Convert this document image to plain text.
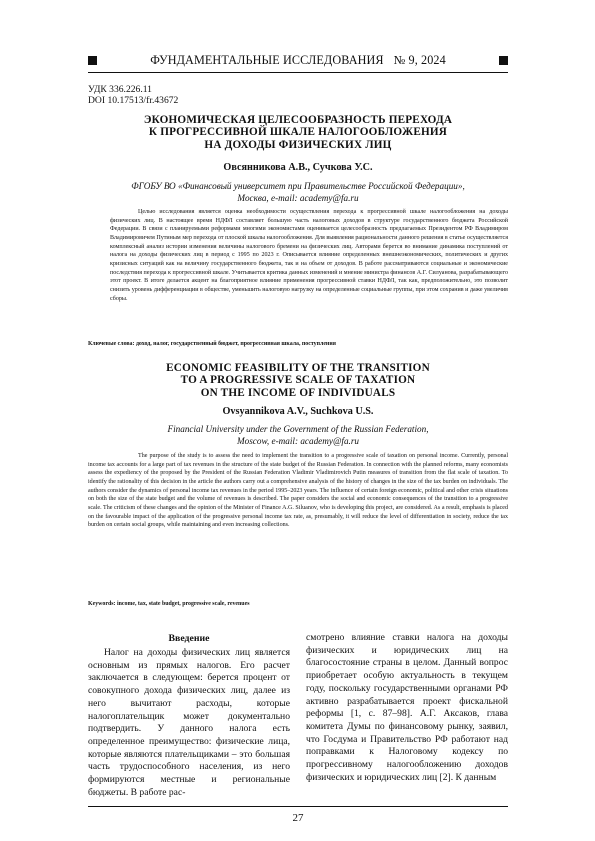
ФУНДАМЕНТАЛЬНЫЕ ИССЛЕДОВАНИЯ № 9, 2024
УДК 336.226.11
DOI 10.17513/fr.43672
ЭКОНОМИЧЕСКАЯ ЦЕЛЕСООБРАЗНОСТЬ ПЕРЕХОДА
К ПРОГРЕССИВНОЙ ШКАЛЕ НАЛОГООБЛОЖЕНИЯ
НА ДОХОДЫ ФИЗИЧЕСКИХ ЛИЦ
Овсянникова А.В., Сучкова У.С.
ФГОБУ ВО «Финансовый университет при Правительстве Российской Федерации»,
Москва, e-mail: academy@fa.ru
Целью исследования является оценка необходимости осуществления перехода к прогрессивной шкале налогообложения на доходы физических лиц. В настоящее время НДФЛ составляет большую часть налоговых доходов в структуре государственного бюджета Российской Федерации. В связи с планируемыми реформами многими экономистами оценивается целесообразность предлагаемых Президентом РФ Владимиром Владимировичем Путиным мер перехода от плоской шкалы налогообложения. Для выявления рациональности данного решения в статье осуществляется комплексный анализ истории изменения величины налогового бремени на физических лиц. Авторами берется во внимание динамика поступлений от налога на доходы физических лиц в период с 1995 по 2023 г. Описывается влияние определенных внешнеэкономических, политических и других кризисных ситуаций как на величину государственного бюджета, так и на объем от доходов. В работе рассматриваются социальные и экономические последствия перехода к прогрессивной шкале. Учитывается критика данных изменений и мнение министра финансов А.Г. Силуанова, разрабатывающего этот проект. В итоге делается акцент на благоприятное влияние применения прогрессивной ставки НДФЛ, так как, предположительно, это позволит снизить уровень дифференциации в обществе, уменьшить налоговую нагрузку на определенные социальные группы, при этом сохранив и даже увеличив сборы.
Ключевые слова: доход, налог, государственный бюджет, прогрессивная шкала, поступления
ECONOMIC FEASIBILITY OF THE TRANSITION
TO A PROGRESSIVE SCALE OF TAXATION
ON THE INCOME OF INDIVIDUALS
Ovsyannikova A.V., Suchkova U.S.
Financial University under the Government of the Russian Federation,
Moscow, e-mail: academy@fa.ru
The purpose of the study is to assess the need to implement the transition to a progressive scale of taxation on personal income. Currently, personal income tax accounts for a large part of tax revenues in the structure of the state budget of the Russian Federation. In connection with the planned reforms, many economists assess the expediency of the proposed by the President of the Russian Federation Vladimir Vladimirovich Putin measures of transition from the flat scale of taxation. To identify the rationality of this decision in the article the authors carry out a comprehensive analysis of the history of changes in the size of the tax burden on individuals. The authors consider the dynamics of personal income tax revenues in the period 1995–2023 years. The influence of certain foreign economic, political and other crisis situations on both the size of the state budget and the volume of revenues is described. The paper considers the social and economic consequences of the transition to a progressive scale. The criticism of these changes and the opinion of the Minister of Finance A.G. Siluanov, who is developing this project, are considered. As a result, emphasis is placed on the favourable impact of the application of the progressive personal income tax rate, as, presumably, it will reduce the level of differentiation in society, reduce the tax burden on certain social groups, while maintaining and even increasing collections.
Keywords: income, tax, state budget, progressive scale, revenues
Введение

Налог на доходы физических лиц является основным из прямых налогов. Его расчет заключается в следующем: берется процент от совокупного дохода физических лиц, далее из него вычитают расходы, которые налогоплательщик может документально подтвердить. У данного налога есть определенное преимущество: физические лица, которые являются плательщиками – это большая часть трудоспособного населения, из него формируются местные и региональные бюджеты. В работе рас-

смотрено влияние ставки налога на доходы физических и юридических лиц на благосостояние страны в целом. Данный вопрос приобретает особую актуальность в текущем году, поскольку государственными органами РФ активно разрабатывается проект фискальной реформы [1, с. 87–98]. А.Г. Аксаков, глава комитета Думы по финансовому рынку, заявил, что Госдума и Правительство РФ работают над поправками к Налоговому кодексу по прогрессивному налогообложению доходов физических и юридических лиц [2]. К данным

27
